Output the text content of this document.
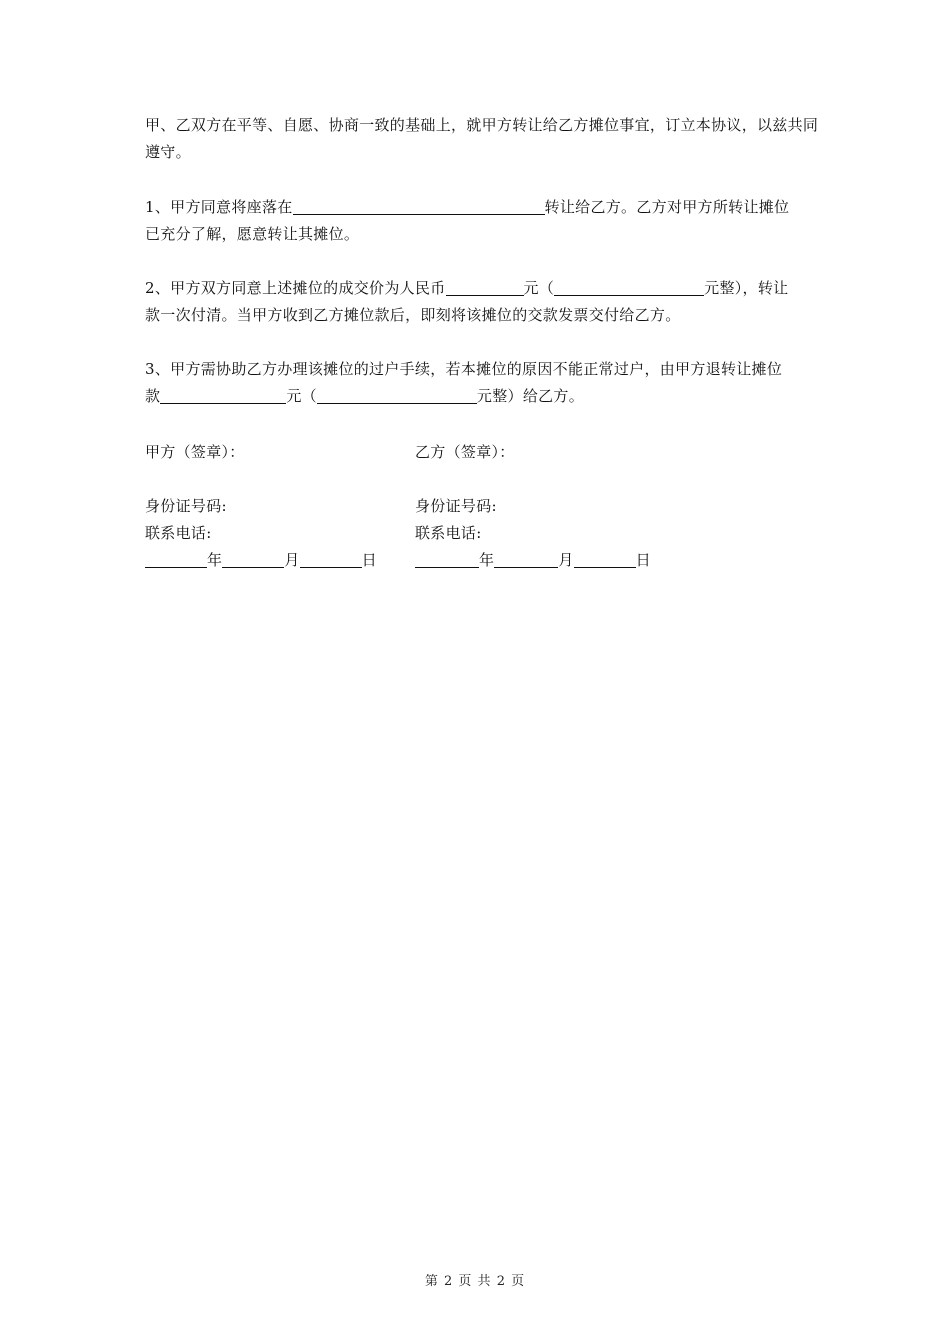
甲、乙双方在平等、自愿、协商一致的基础上，就甲方转让给乙方摊位事宜，订立本协议，以兹共同
遵守。
1、甲方同意将座落在	转让给乙方。乙方对甲方所转让摊位
已充分了解，愿意转让其摊位。
2、甲方双方同意上述摊位的成交价为人民币	元（	元整），转让
款一次付清。当甲方收到乙方摊位款后，即刻将该摊位的交款发票交付给乙方。
3、甲方需协助乙方办理该摊位的过户手续，若本摊位的原因不能正常过户，由甲方退转让摊位
款	元（	元整）给乙方。
甲方（签章）：
身份证号码:
联系电话:
年	月	日
乙方（签章）：
身份证号码:
联系电话:
年	月	日
第 2 页 共 2 页
